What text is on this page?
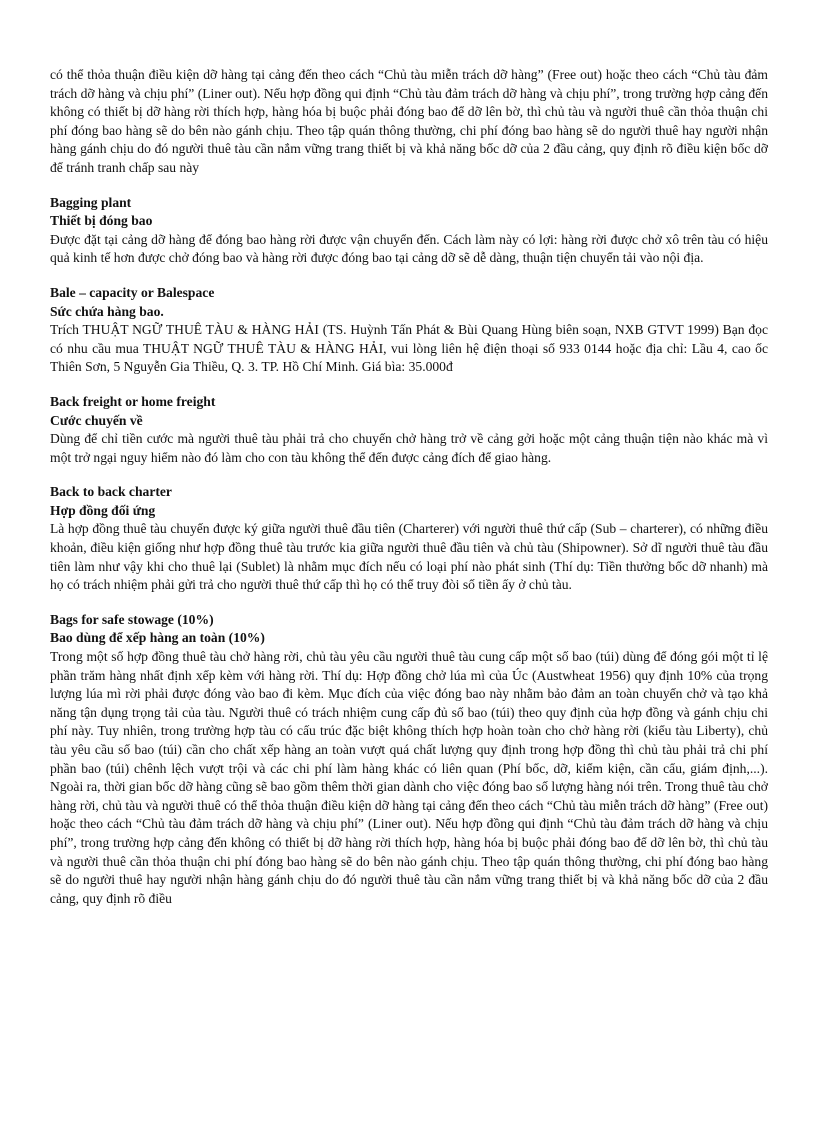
có thể thỏa thuận điều kiện dỡ hàng tại cảng đến theo cách “Chủ tàu miễn trách dỡ hàng” (Free out) hoặc theo cách “Chủ tàu đảm trách dỡ hàng và chịu phí” (Liner out). Nếu hợp đồng qui định “Chủ tàu đảm trách dỡ hàng và chịu phí”, trong trường hợp cảng đến không có thiết bị dỡ hàng rời thích hợp, hàng hóa bị buộc phải đóng bao để dỡ lên bờ, thì chủ tàu và người thuê cần thỏa thuận chi phí đóng bao hàng sẽ do bên nào gánh chịu. Theo tập quán thông thường, chi phí đóng bao hàng sẽ do người thuê hay người nhận hàng gánh chịu do đó người thuê tàu cần nắm vững trang thiết bị và khả năng bốc dỡ của 2 đầu cảng, quy định rõ điều kiện bốc dỡ để tránh tranh chấp sau này

Bagging plant
Thiết bị đóng bao

Được đặt tại cảng dỡ hàng để đóng bao hàng rời được vận chuyển đến. Cách làm này có lợi: hàng rời được chở xô trên tàu có hiệu quả kinh tế hơn được chở đóng bao và hàng rời được đóng bao tại cảng dỡ sẽ dễ dàng, thuận tiện chuyển tải vào nội địa.

Bale – capacity or Balespace
Sức chứa hàng bao.

Trích THUẬT NGỮ THUÊ TÀU & HÀNG HẢI (TS. Huỳnh Tấn Phát & Bùi Quang Hùng biên soạn, NXB GTVT 1999) Bạn đọc có nhu cầu mua THUẬT NGỮ THUÊ TÀU & HÀNG HẢI, vui lòng liên hệ điện thoại số 933 0144 hoặc địa chỉ: Lầu 4, cao ốc Thiên Sơn, 5 Nguyễn Gia Thiều, Q. 3. TP. Hồ Chí Minh. Giá bìa: 35.000đ

Back freight or home freight
Cước chuyến về

Dùng để chỉ tiền cước mà người thuê tàu phải trả cho chuyến chở hàng trở về cảng gởi hoặc một cảng thuận tiện nào khác mà vì một trở ngại nguy hiểm nào đó làm cho con tàu không thể đến được cảng đích để giao hàng.

Back to back charter
Hợp đồng đối ứng

Là hợp đồng thuê tàu chuyến được ký giữa người thuê đầu tiên (Charterer) với người thuê thứ cấp (Sub – charterer), có những điều khoản, điều kiện giống như hợp đồng thuê tàu trước kia giữa người thuê đầu tiên và chủ tàu (Shipowner). Sở dĩ người thuê tàu đầu tiên làm như vậy khi cho thuê lại (Sublet) là nhằm mục đích nếu có loại phí nào phát sinh (Thí dụ: Tiền thưởng bốc dỡ nhanh) mà họ có trách nhiệm phải gửi trả cho người thuê thứ cấp thì họ có thể truy đòi số tiền ấy ở chủ tàu.

Bags for safe stowage (10%)
Bao dùng để xếp hàng an toàn (10%)

Trong một số hợp đồng thuê tàu chở hàng rời, chủ tàu yêu cầu người thuê tàu cung cấp một số bao (túi) dùng để đóng gói một tỉ lệ phần trăm hàng nhất định xếp kèm với hàng rời. Thí dụ: Hợp đồng chở lúa mì của Úc (Austwheat 1956) quy định 10% của trọng lượng lúa mì rời phải được đóng vào bao đi kèm. Mục đích của việc đóng bao này nhằm bảo đảm an toàn chuyến chở và tạo khả năng tận dụng trọng tải của tàu. Người thuê có trách nhiệm cung cấp đủ số bao (túi) theo quy định của hợp đồng và gánh chịu chi phí này. Tuy nhiên, trong trường hợp tàu có cấu trúc đặc biệt không thích hợp hoàn toàn cho chở hàng rời (kiểu tàu Liberty), chủ tàu yêu cầu số bao (túi) cần cho chất xếp hàng an toàn vượt quá chất lượng quy định trong hợp đồng thì chủ tàu phải trả chi phí phần bao (túi) chênh lệch vượt trội và các chi phí làm hàng khác có liên quan (Phí bốc, dỡ, kiểm kiện, cần cẩu, giám định,...). Ngoài ra, thời gian bốc dỡ hàng cũng sẽ bao gồm thêm thời gian dành cho việc đóng bao số lượng hàng nói trên. Trong thuê tàu chở hàng rời, chủ tàu và người thuê có thể thỏa thuận điều kiện dỡ hàng tại cảng đến theo cách “Chủ tàu miễn trách dỡ hàng” (Free out) hoặc theo cách “Chủ tàu đảm trách dỡ hàng và chịu phí” (Liner out). Nếu hợp đồng qui định “Chủ tàu đảm trách dỡ hàng và chịu phí”, trong trường hợp cảng đến không có thiết bị dỡ hàng rời thích hợp, hàng hóa bị buộc phải đóng bao để dỡ lên bờ, thì chủ tàu và người thuê cần thỏa thuận chi phí đóng bao hàng sẽ do bên nào gánh chịu. Theo tập quán thông thường, chi phí đóng bao hàng sẽ do người thuê hay người nhận hàng gánh chịu do đó người thuê tàu cần nắm vững trang thiết bị và khả năng bốc dỡ của 2 đầu cảng, quy định rõ điều
